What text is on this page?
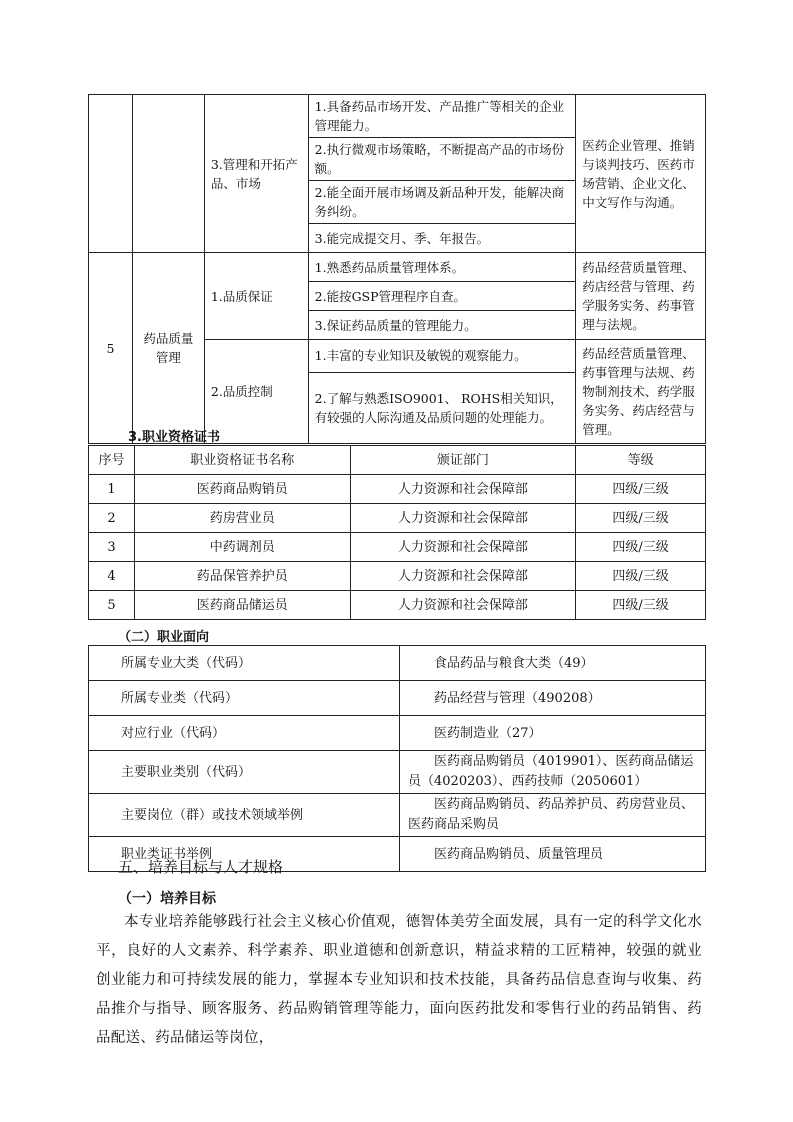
		3.管理和开拓产品、市场	1.具备药品市场开发、产品推广等相关的企业管理能力。	医药企业管理、推销与谈判技巧、医药市场营销、企业文化、中文写作与沟通。
			2.执行微观市场策略，不断提高产品的市场份额。	
			2.能全面开展市场调及新品种开发，能解决商务纠纷。	
			3.能完成提交月、季、年报告。	
5	药品质量管理	1.品质保证	1.熟悉药品质量管理体系。	药品经营质量管理、药店经营与管理、药学服务实务、药事管理与法规。
			2.能按GSP管理程序自查。	
			3.保证药品质量的管理能力。	
		2.品质控制	1.丰富的专业知识及敏锐的观察能力。	药品经营质量管理、药事管理与法规、药物制剂技术、药学服务实务、药店经营与管理。
			2.了解与熟悉ISO9001、 ROHS相关知识，有较强的人际沟通及品质问题的处理能力。	
3.职业资格证书
序号	职业资格证书名称	颁证部门	等级
1	医药商品购销员	人力资源和社会保障部	四级/三级
2	药房营业员	人力资源和社会保障部	四级/三级
3	中药调剂员	人力资源和社会保障部	四级/三级
4	药品保管养护员	人力资源和社会保障部	四级/三级
5	医药商品储运员	人力资源和社会保障部	四级/三级
（二）职业面向
所属专业大类（代码）	食品药品与粮食大类（49）
所属专业类（代码）	药品经营与管理（490208）
对应行业（代码）	医药制造业（27）
主要职业类别（代码）	医药商品购销员（4019901）、医药商品储运员（4020203）、西药技师（2050601）
主要岗位（群）或技术领域举例	医药商品购销员、药品养护员、药房营业员、医药商品采购员
职业类证书举例	医药商品购销员、质量管理员
五、培养目标与人才规格
（一）培养目标
本专业培养能够践行社会主义核心价值观，德智体美劳全面发展，具有一定的科学文化水平，良好的人文素养、科学素养、职业道德和创新意识，精益求精的工匠精神，较强的就业创业能力和可持续发展的能力，掌握本专业知识和技术技能，具备药品信息查询与收集、药品推介与指导、顾客服务、药品购销管理等能力，面向医药批发和零售行业的药品销售、药品配送、药品储运等岗位，
